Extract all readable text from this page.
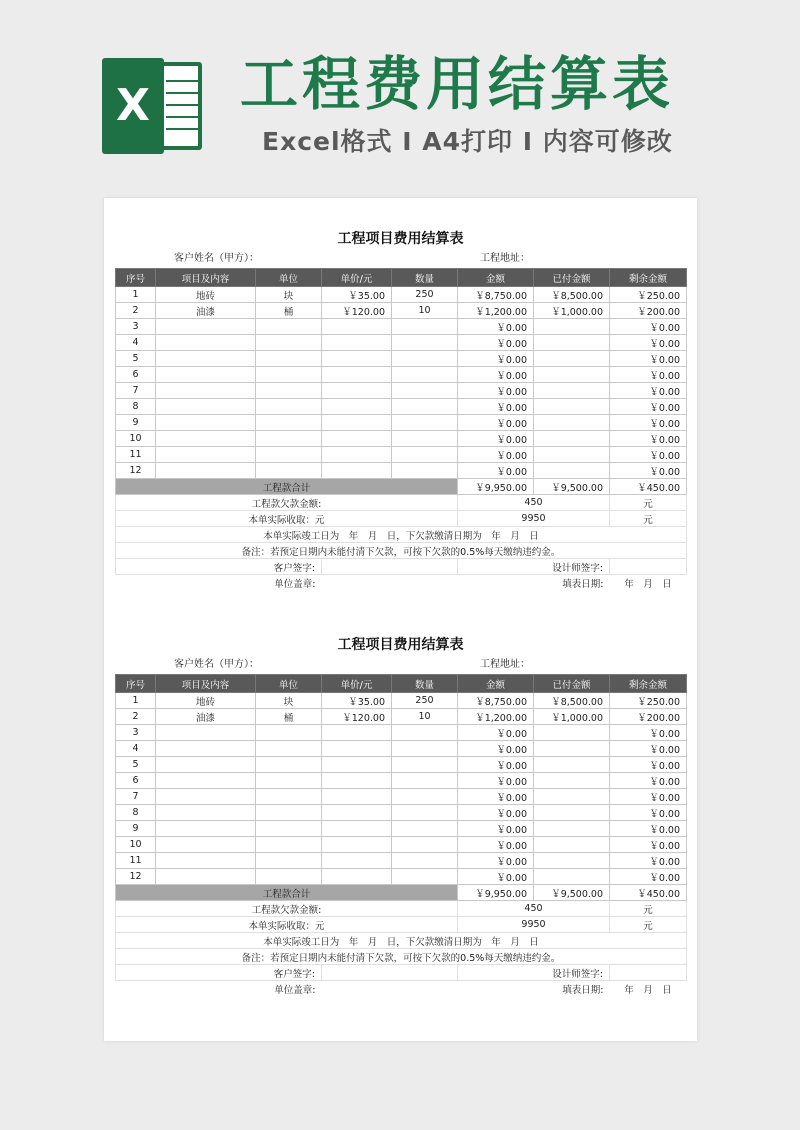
X 工程费用结算表
Excel格式 Ⅰ A4打印 Ⅰ 内容可修改
工程项目费用结算表
客户姓名（甲方）：	工程地址：
序号	项目及内容	单位	单价/元	数量	金额	已付金额	剩余金额
1	地砖	块	￥35.00	250	￥8,750.00	￥8,500.00	￥250.00
2	油漆	桶	￥120.00	10	￥1,200.00	￥1,000.00	￥200.00
3					￥0.00		￥0.00
4					￥0.00		￥0.00
5					￥0.00		￥0.00
6					￥0.00		￥0.00
7					￥0.00		￥0.00
8					￥0.00		￥0.00
9					￥0.00		￥0.00
10					￥0.00		￥0.00
11					￥0.00		￥0.00
12					￥0.00		￥0.00
工程款合计					￥9,950.00	￥9,500.00	￥450.00
工程款欠款金额:					450		元
本单实际收取：元					9950		元
本单实际竣工日为　年　月　日，下欠款缴清日期为　年　月　日							
备注：若预定日期内未能付清下欠款，可按下欠款的0.5%每天缴纳违约金。							
客户签字:					设计师签字:		
单位盖章:					填表日期:		年　月　日
工程项目费用结算表
客户姓名（甲方）：	工程地址：
序号	项目及内容	单位	单价/元	数量	金额	已付金额	剩余金额
1	地砖	块	￥35.00	250	￥8,750.00	￥8,500.00	￥250.00
2	油漆	桶	￥120.00	10	￥1,200.00	￥1,000.00	￥200.00
3					￥0.00		￥0.00
4					￥0.00		￥0.00
5					￥0.00		￥0.00
6					￥0.00		￥0.00
7					￥0.00		￥0.00
8					￥0.00		￥0.00
9					￥0.00		￥0.00
10					￥0.00		￥0.00
11					￥0.00		￥0.00
12					￥0.00		￥0.00
工程款合计					￥9,950.00	￥9,500.00	￥450.00
工程款欠款金额:					450		元
本单实际收取：元					9950		元
本单实际竣工日为　年　月　日，下欠款缴清日期为　年　月　日							
备注：若预定日期内未能付清下欠款，可按下欠款的0.5%每天缴纳违约金。							
客户签字:					设计师签字:		
单位盖章:					填表日期:		年　月　日
